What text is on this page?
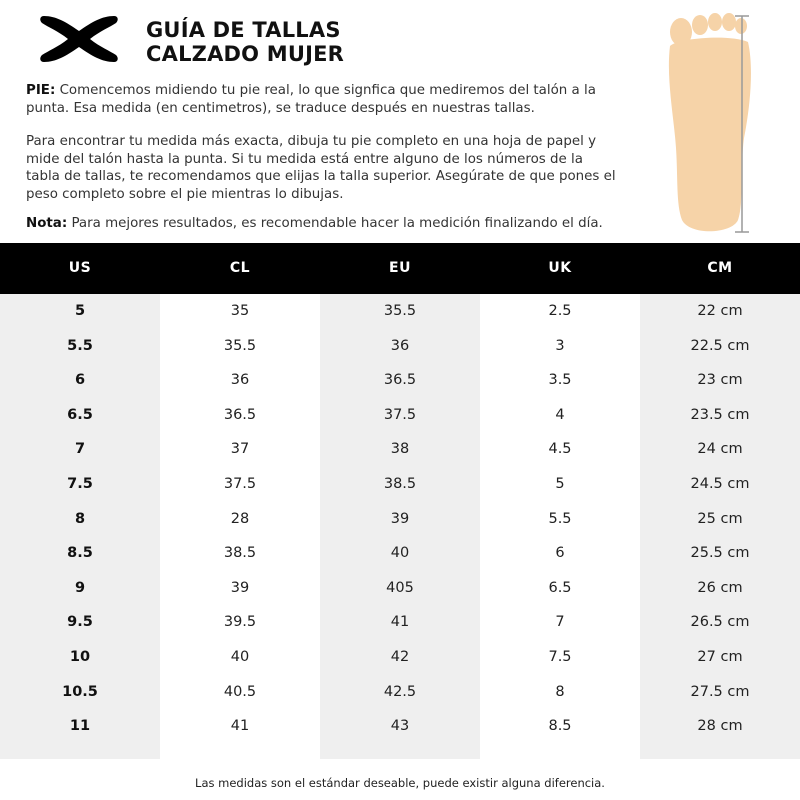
GUÍA DE TALLAS
CALZADO MUJER
PIE: Comencemos midiendo tu pie real, lo que signfica que mediremos del talón a la punta. Esa medida (en centimetros), se traduce después en nuestras tallas.
Para encontrar tu medida más exacta, dibuja tu pie completo en una hoja de papel y mide del talón hasta la punta. Si tu medida está entre alguno de los números de la tabla de tallas, te recomendamos que elijas la talla superior. Asegúrate de que pones el peso completo sobre el pie mientras lo dibujas.
Nota: Para mejores resultados, es recomendable hacer la medición finalizando el día.
US	CL	EU	UK	CM
5	35	35.5	2.5	22 cm
5.5	35.5	36	3	22.5 cm
6	36	36.5	3.5	23 cm
6.5	36.5	37.5	4	23.5 cm
7	37	38	4.5	24 cm
7.5	37.5	38.5	5	24.5 cm
8	28	39	5.5	25 cm
8.5	38.5	40	6	25.5 cm
9	39	405	6.5	26 cm
9.5	39.5	41	7	26.5 cm
10	40	42	7.5	27 cm
10.5	40.5	42.5	8	27.5 cm
11	41	43	8.5	28 cm
Las medidas son el estándar deseable, puede existir alguna diferencia.
